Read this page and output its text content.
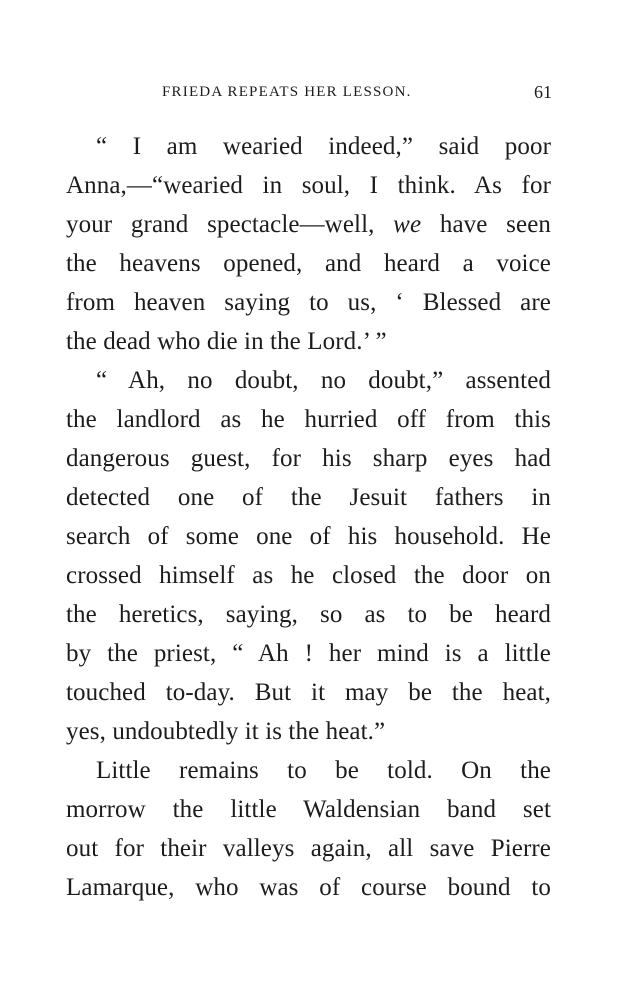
FRIEDA REPEATS HER LESSON.	61
“ I am wearied indeed,” said poor
Anna,—“wearied in soul, I think. As for
your grand spectacle—well, we have seen
the heavens opened, and heard a voice
from heaven saying to us, ‘ Blessed are
the dead who die in the Lord.’ ”
“ Ah, no doubt, no doubt,” assented
the landlord as he hurried off from this
dangerous guest, for his sharp eyes had
detected one of the Jesuit fathers in
search of some one of his household. He
crossed himself as he closed the door on
the heretics, saying, so as to be heard
by the priest, “ Ah ! her mind is a little
touched to-day. But it may be the heat,
yes, undoubtedly it is the heat.”
Little remains to be told. On the
morrow the little Waldensian band set
out for their valleys again, all save Pierre
Lamarque, who was of course bound to
